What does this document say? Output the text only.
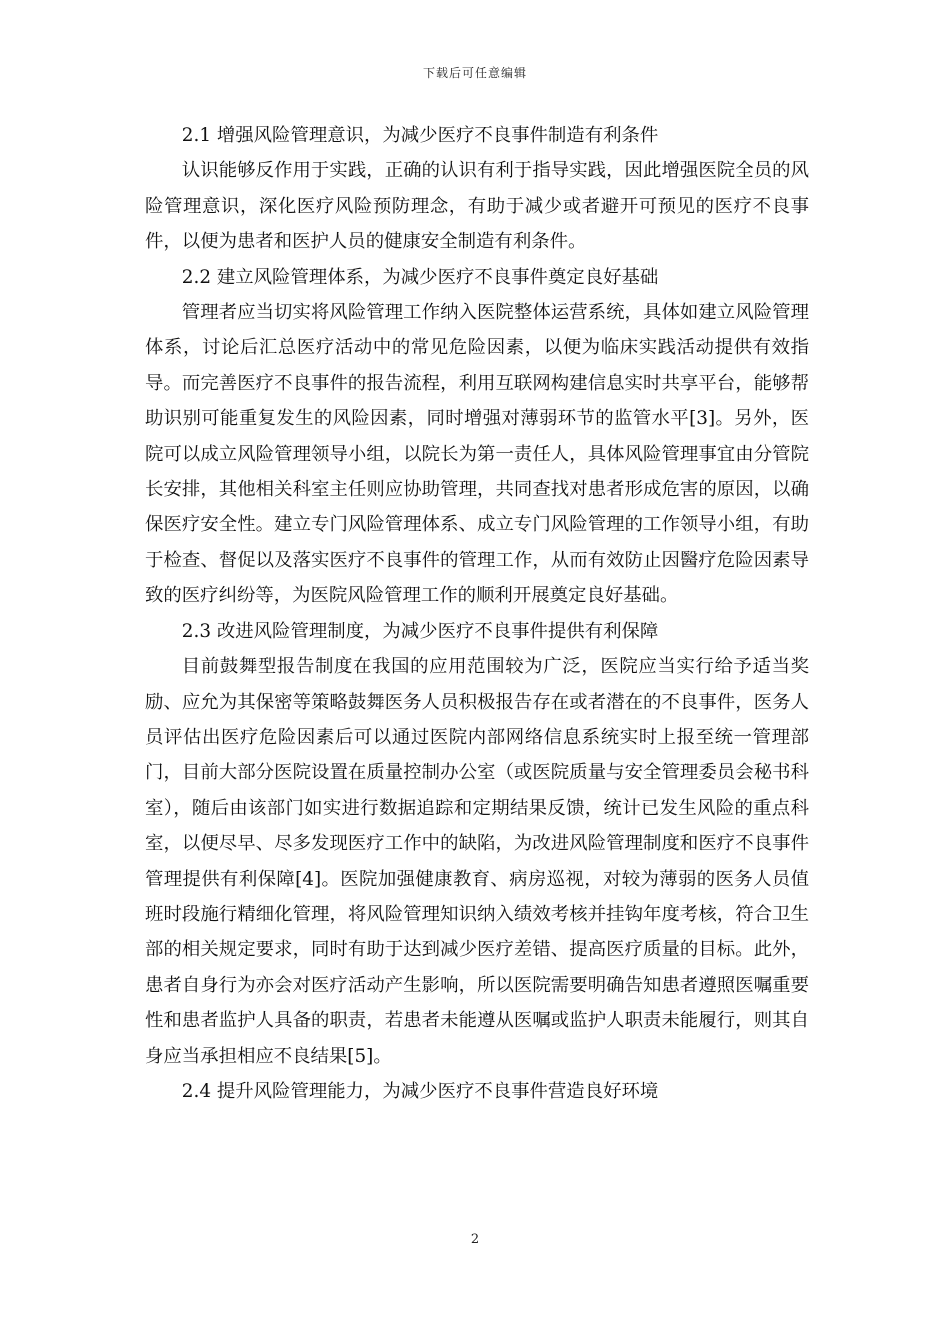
下载后可任意编辑

2.1 增强风险管理意识，为减少医疗不良事件制造有利条件

认识能够反作用于实践，正确的认识有利于指导实践，因此增强医院全员的风险管理意识，深化医疗风险预防理念，有助于减少或者避开可预见的医疗不良事件，以便为患者和医护人员的健康安全制造有利条件。

2.2 建立风险管理体系，为减少医疗不良事件奠定良好基础

管理者应当切实将风险管理工作纳入医院整体运营系统，具体如建立风险管理体系，讨论后汇总医疗活动中的常见危险因素，以便为临床实践活动提供有效指导。而完善医疗不良事件的报告流程，利用互联网构建信息实时共享平台，能够帮助识别可能重复发生的风险因素，同时增强对薄弱环节的监管水平[3]。另外，医院可以成立风险管理领导小组，以院长为第一责任人，具体风险管理事宜由分管院长安排，其他相关科室主任则应协助管理，共同查找对患者形成危害的原因，以确保医疗安全性。建立专门风险管理体系、成立专门风险管理的工作领导小组，有助于检查、督促以及落实医疗不良事件的管理工作，从而有效防止因醫疗危险因素导致的医疗纠纷等，为医院风险管理工作的顺利开展奠定良好基础。

2.3 改进风险管理制度，为减少医疗不良事件提供有利保障

目前鼓舞型报告制度在我国的应用范围较为广泛，医院应当实行给予适当奖励、应允为其保密等策略鼓舞医务人员积极报告存在或者潜在的不良事件，医务人员评估出医疗危险因素后可以通过医院内部网络信息系统实时上报至统一管理部门，目前大部分医院设置在质量控制办公室（或医院质量与安全管理委员会秘书科室），随后由该部门如实进行数据追踪和定期结果反馈，统计已发生风险的重点科室，以便尽早、尽多发现医疗工作中的缺陷，为改进风险管理制度和医疗不良事件管理提供有利保障[4]。医院加强健康教育、病房巡视，对较为薄弱的医务人员值班时段施行精细化管理，将风险管理知识纳入绩效考核并挂钩年度考核，符合卫生部的相关规定要求，同时有助于达到减少医疗差错、提高医疗质量的目标。此外，患者自身行为亦会对医疗活动产生影响，所以医院需要明确告知患者遵照医嘱重要性和患者监护人具备的职责，若患者未能遵从医嘱或监护人职责未能履行，则其自身应当承担相应不良结果[5]。

2.4 提升风险管理能力，为减少医疗不良事件营造良好环境

2
